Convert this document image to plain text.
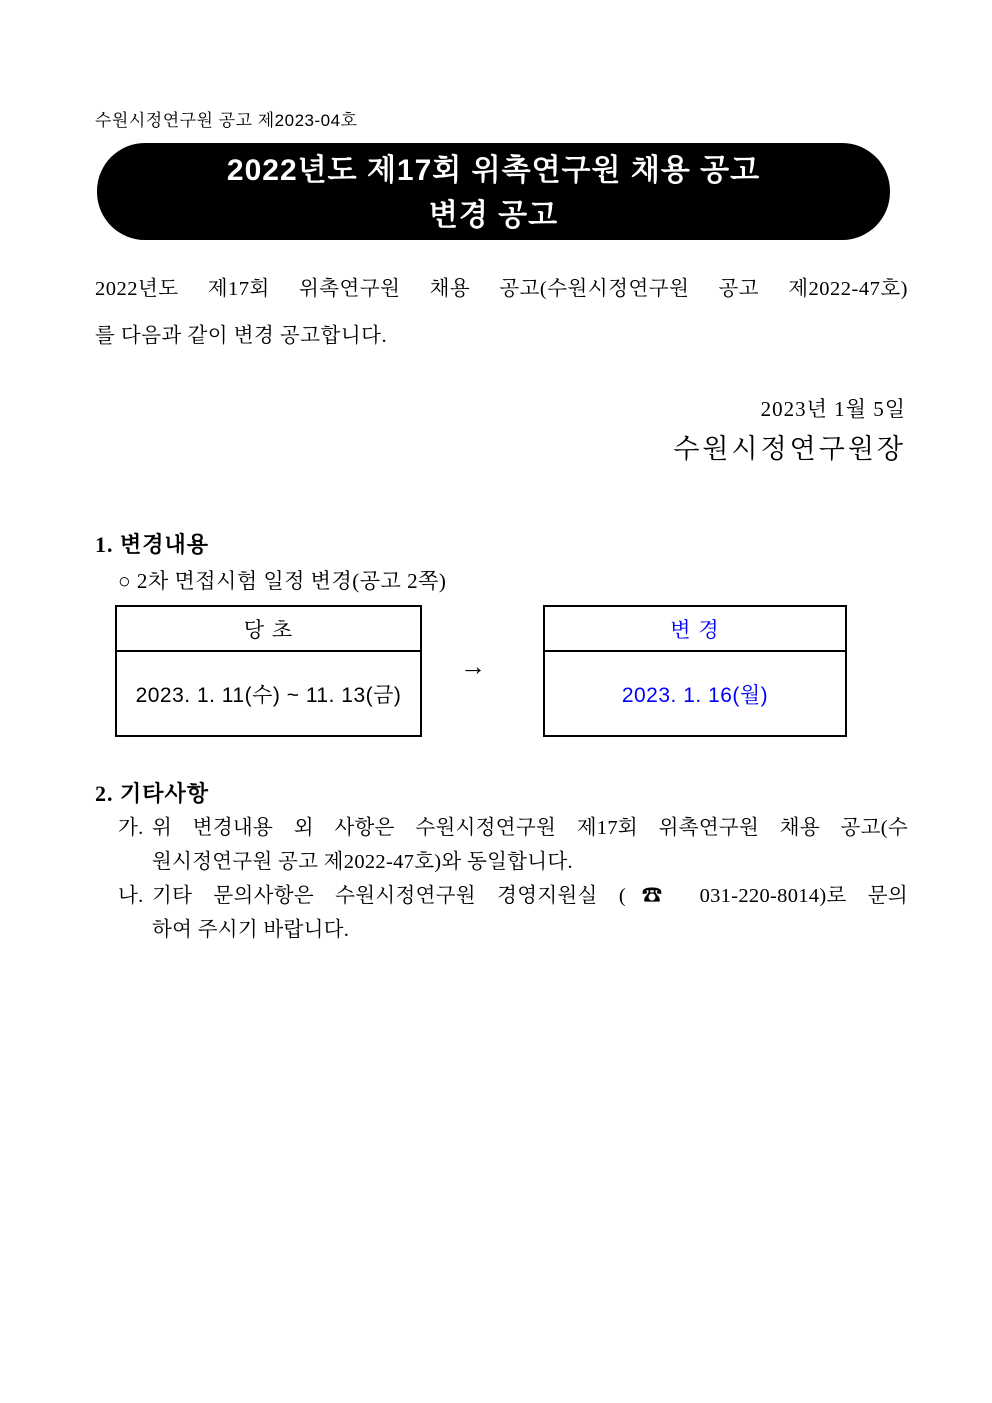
수원시정연구원 공고 제2023-04호
2022년도 제17회 위촉연구원 채용 공고
변경 공고
2022년도 제17회 위촉연구원 채용 공고(수원시정연구원 공고 제2022-47호)
를 다음과 같이 변경 공고합니다.
2023년 1월 5일
수원시정연구원장
1. 변경내용
○ 2차 면접시험 일정 변경(공고 2쪽)
당 초
2023. 1. 11(수) ~ 11. 13(금)
→
변 경
2023. 1. 16(월)
2. 기타사항
가. 위 변경내용 외 사항은 수원시정연구원 제17회 위촉연구원 채용 공고(수
원시정연구원 공고 제2022-47호)와 동일합니다.
나. 기타 문의사항은 수원시정연구원 경영지원실 (☎ 031-220-8014)로 문의
하여 주시기 바랍니다.
